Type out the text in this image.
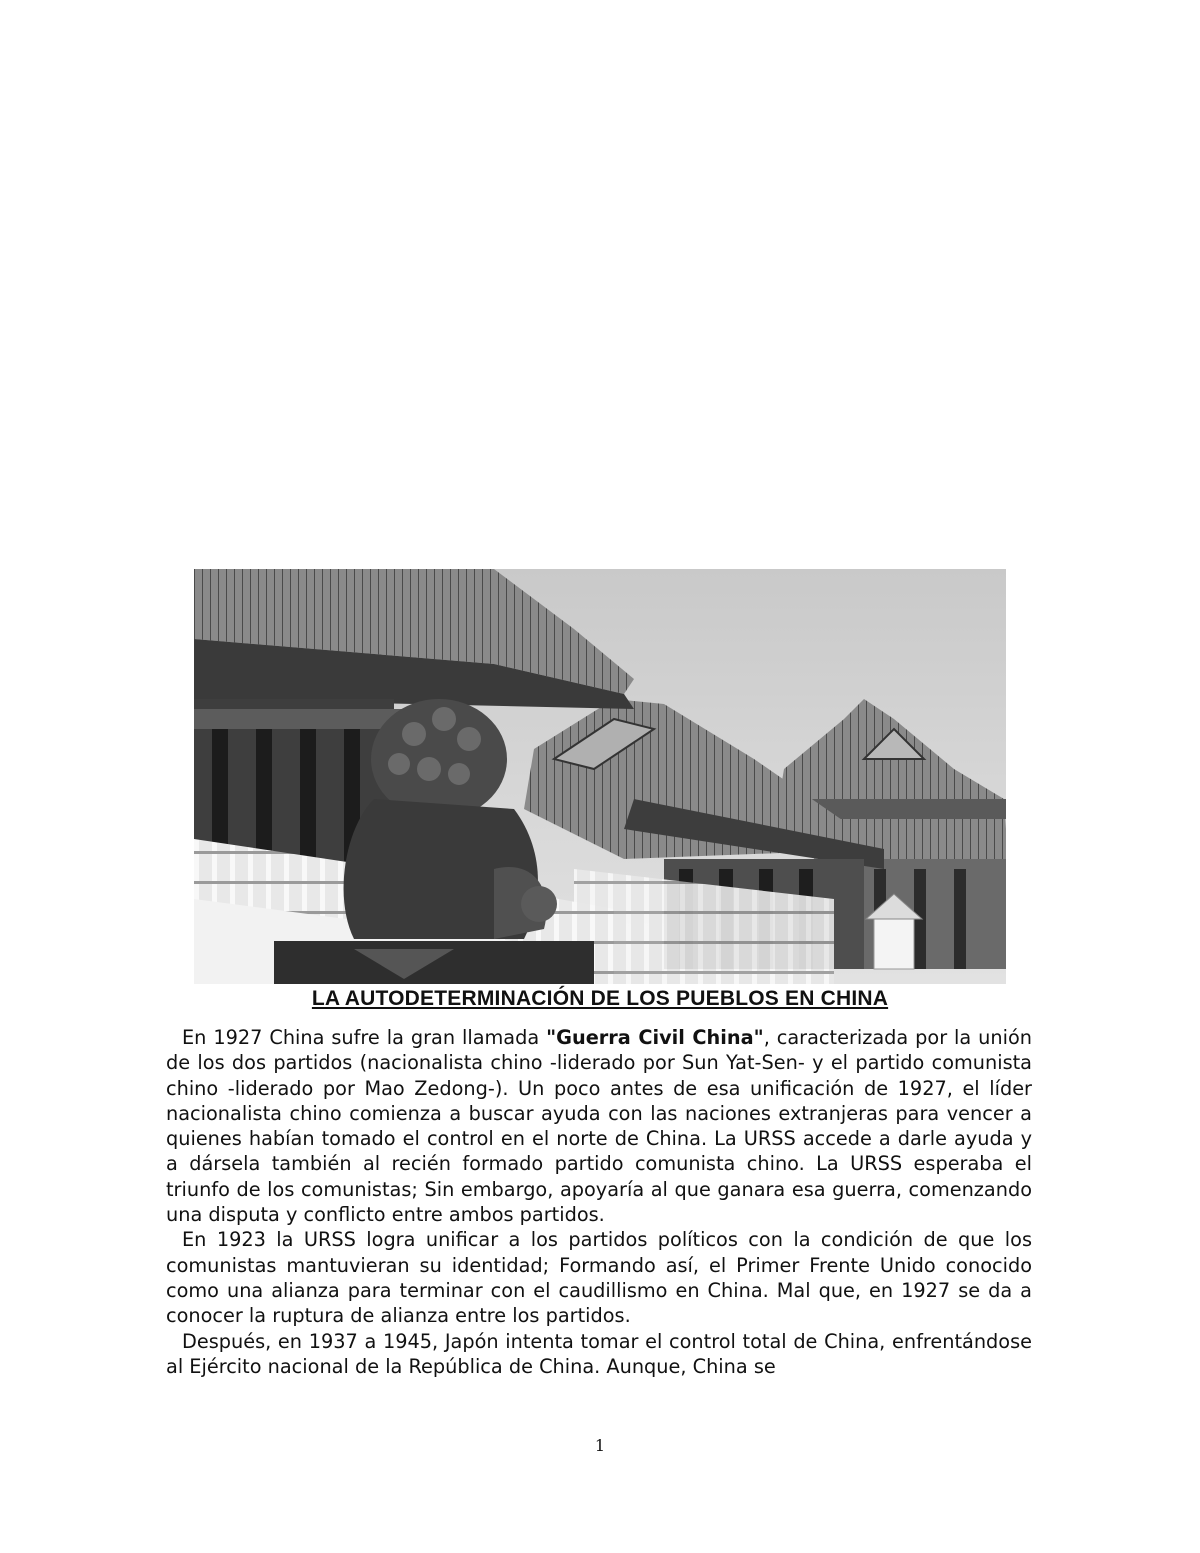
LA AUTODETERMINACIÓN DE LOS PUEBLOS EN CHINA

En 1927 China sufre la gran llamada "Guerra Civil China", caracterizada por la unión de los dos partidos (nacionalista chino -liderado por Sun Yat-Sen- y el partido comunista chino -liderado por Mao Zedong-). Un poco antes de esa unificación de 1927, el líder nacionalista chino comienza a buscar ayuda con las naciones extranjeras para vencer a quienes habían tomado el control en el norte de China. La URSS accede a darle ayuda y a dársela también al recién formado partido comunista chino. La URSS esperaba el triunfo de los comunistas; Sin embargo, apoyaría al que ganara esa guerra, comenzando una disputa y conflicto entre ambos partidos.

En 1923 la URSS logra unificar a los partidos políticos con la condición de que los comunistas mantuvieran su identidad; Formando así, el Primer Frente Unido conocido como una alianza para terminar con el caudillismo en China. Mal que, en 1927 se da a conocer la ruptura de alianza entre los partidos.

Después, en 1937 a 1945, Japón intenta tomar el control total de China, enfrentándose al Ejército nacional de la República de China. Aunque, China se

1
